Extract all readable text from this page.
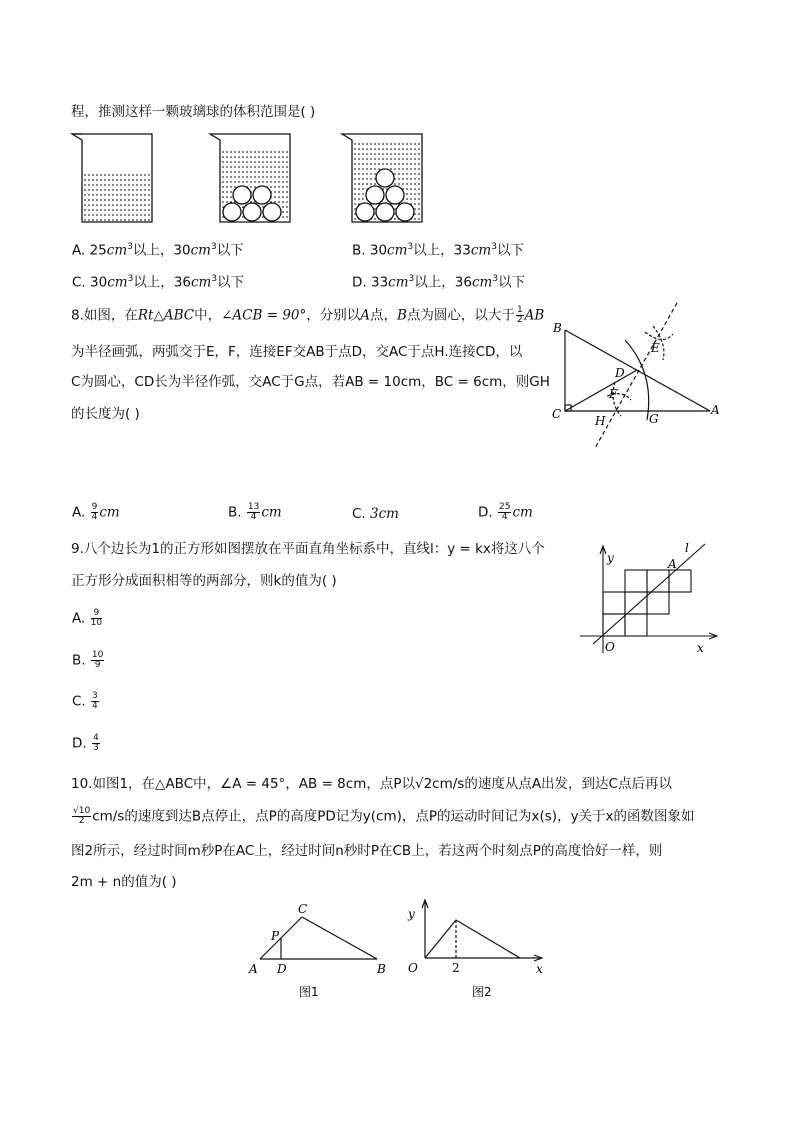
程，推测这样一颗玻璃球的体积范围是( )
A. $25cm^3$以上，$30cm^3$以下	B. $30cm^3$以上，$33cm^3$以下
C. $30cm^3$以上，$36cm^3$以下	D. $33cm^3$以上，$36cm^3$以下
8.如图，在Rt△ABC中，∠ACB = 90°，分别以A点，B点为圆心，以大于 $\frac{1}{2}$ AB
为半径画弧，两弧交于E，F，连接EF交AB于点D，交AC于点H.连接CD，以
C为圆心，CD长为半径作弧，交AC于G点，若AB = 10cm，BC = 6cm，则GH
的长度为( )
B
C	A
D
E
F
H	G
A. $\frac{9}{4}$ cm	B. $\frac{13}{4}$ cm	C. 3cm	D. $\frac{25}{4}$ cm
9.八个边长为1的正方形如图摆放在平面直角坐标系中，直线l：y = kx将这八个
正方形分成面积相等的两部分，则k的值为( )
y
l
A
O	x
A. $\frac{9}{10}$
B. $\frac{10}{9}$
C. $\frac{3}{4}$
D. $\frac{4}{3}$
10.如图1，在△ABC中，∠A = 45°，AB = 8cm，点P以√2cm/s的速度从点A出发，到达C点后再以
$\frac{√10}{2} cm/s$的速度到达B点停止，点P的高度PD记为y(cm)，点P的运动时间记为x(s)，y关于x的函数图象如
图2所示，经过时间m秒P在AC上，经过时间n秒时P在CB上，若这两个时刻点P的高度恰好一样，则
2m + n的值为( )
C
P
A D	B
图1
y
O	2	x
图2
